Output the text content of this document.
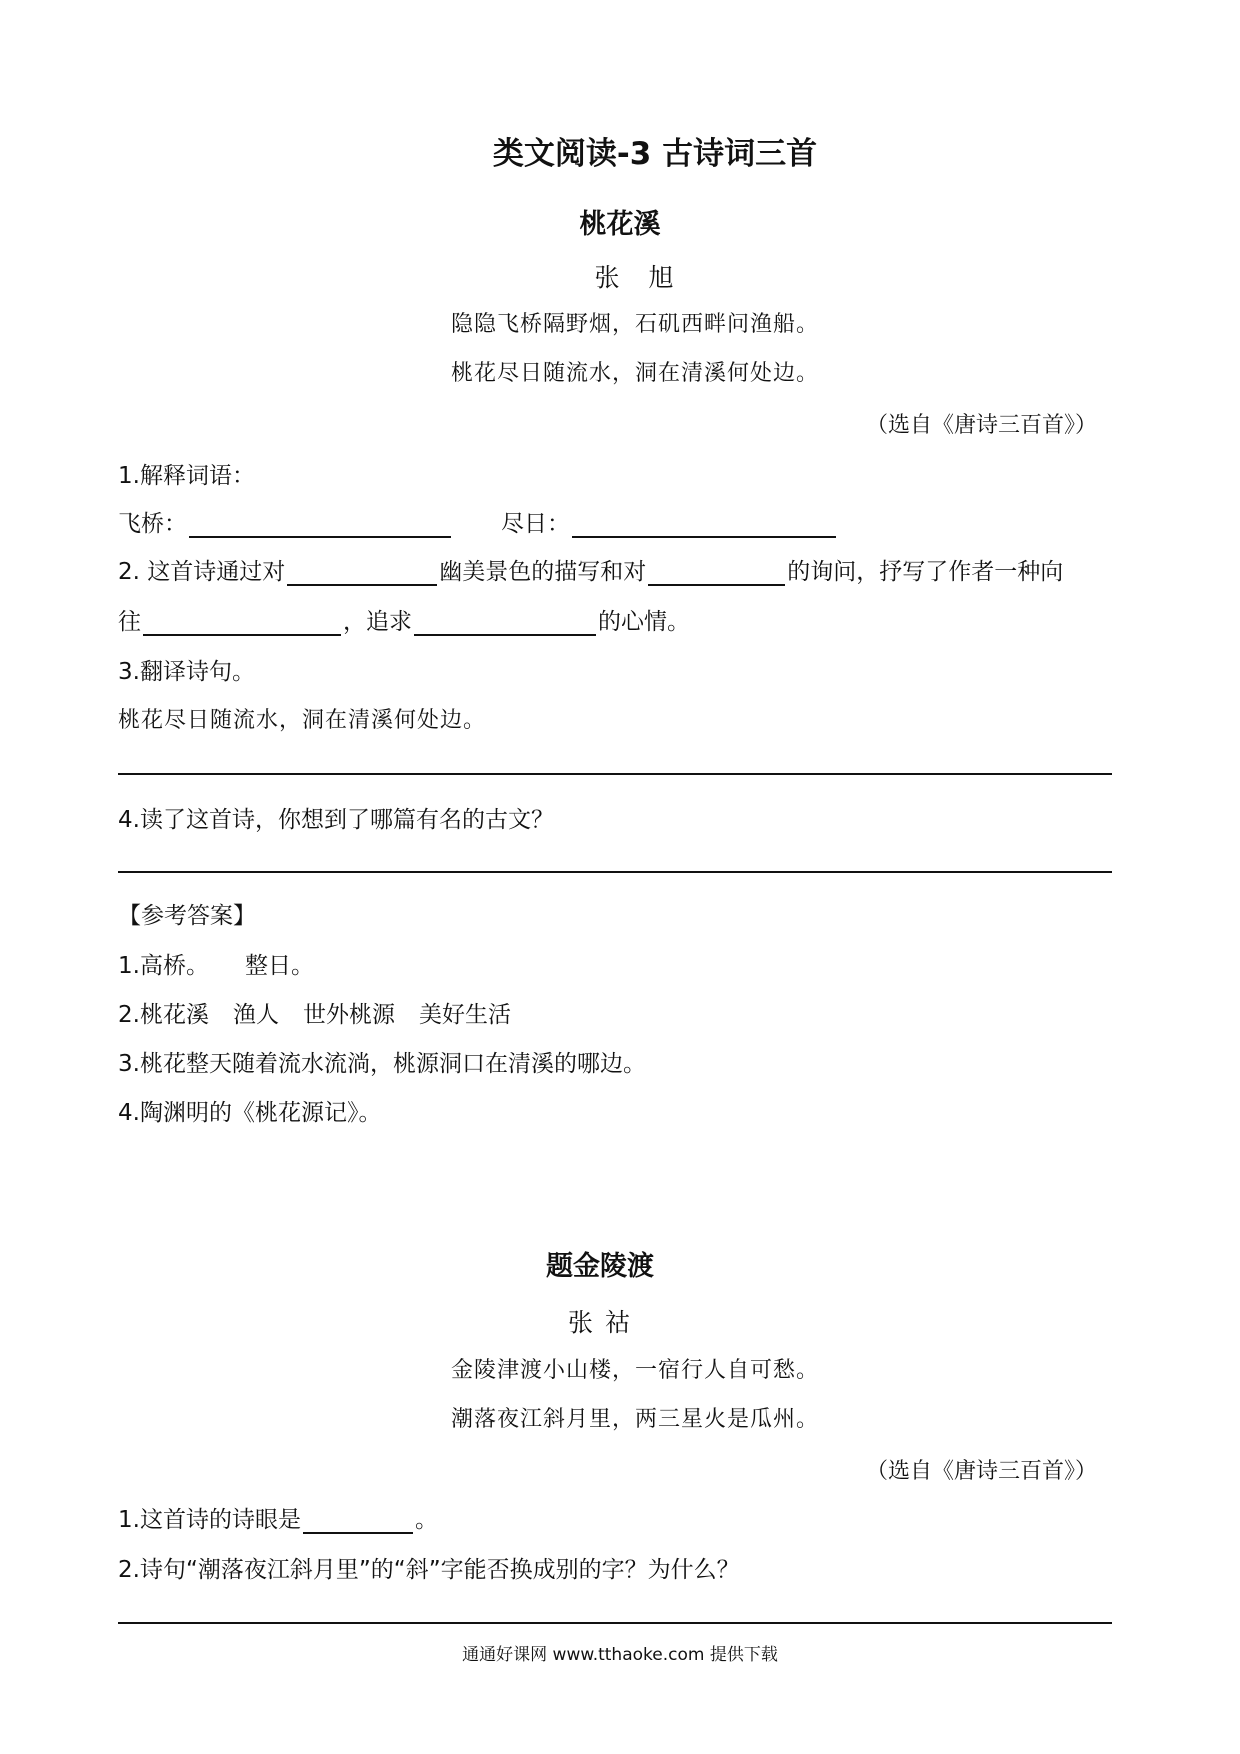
类文阅读-3 古诗词三首
桃花溪
张　旭
隐隐飞桥隔野烟，石矶西畔问渔船。
桃花尽日随流水，洞在清溪何处边。
（选自《唐诗三百首》）
1.解释词语：
飞桥：	尽日：
2. 这首诗通过对	幽美景色的描写和对	的询问，抒写了作者一种向
往	，追求	的心情。
3.翻译诗句。
桃花尽日随流水，洞在清溪何处边。
4.读了这首诗，你想到了哪篇有名的古文？
【参考答案】
1.高桥。 整日。
2.桃花溪 渔人 世外桃源 美好生活
3.桃花整天随着流水流淌，桃源洞口在清溪的哪边。
4.陶渊明的《桃花源记》。
题金陵渡
张 祜
金陵津渡小山楼，一宿行人自可愁。
潮落夜江斜月里，两三星火是瓜州。
（选自《唐诗三百首》）
1.这首诗的诗眼是	。
2.诗句“潮落夜江斜月里”的“斜”字能否换成别的字？为什么？
通通好课网 www.tthaoke.com 提供下载
